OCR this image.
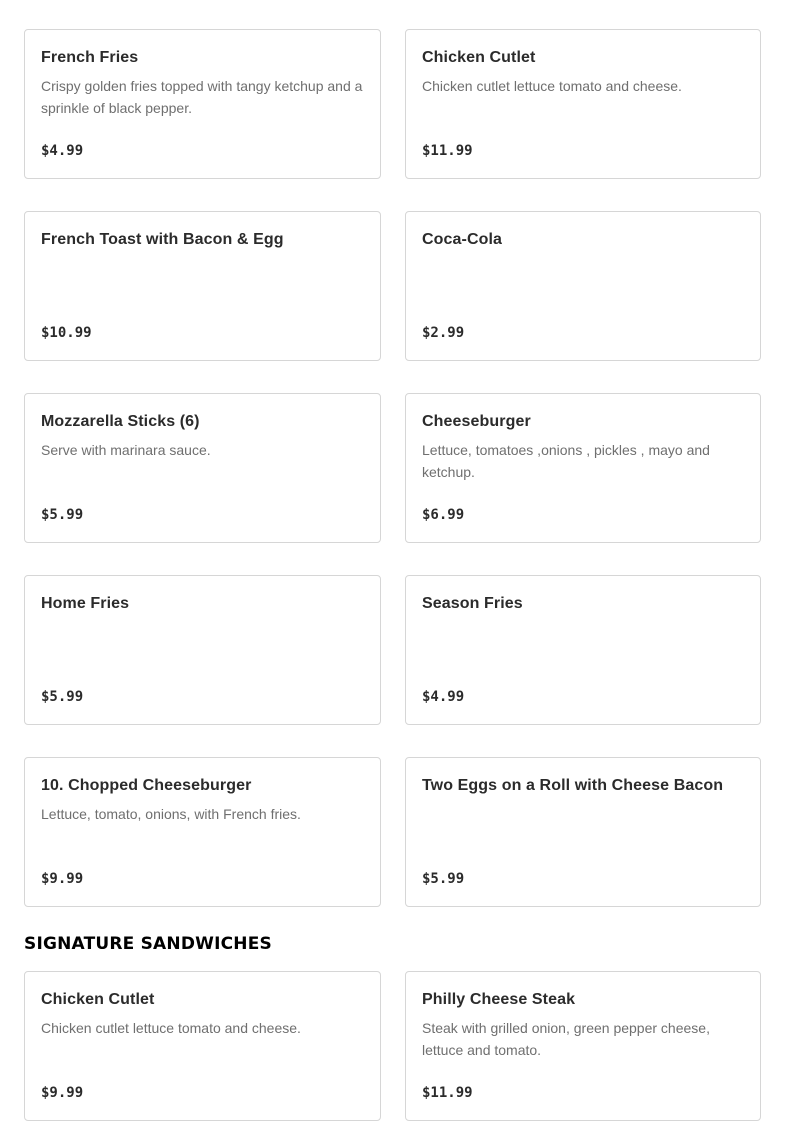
French Fries
Crispy golden fries topped with tangy ketchup and a sprinkle of black pepper.
$4.99
Chicken Cutlet
Chicken cutlet lettuce tomato and cheese.
$11.99
French Toast with Bacon & Egg
$10.99
Coca-Cola
$2.99
Mozzarella Sticks (6)
Serve with marinara sauce.
$5.99
Cheeseburger
Lettuce, tomatoes ,onions , pickles , mayo and ketchup.
$6.99
Home Fries
$5.99
Season Fries
$4.99
10. Chopped Cheeseburger
Lettuce, tomato, onions, with French fries.
$9.99
Two Eggs on a Roll with Cheese Bacon
$5.99
SIGNATURE SANDWICHES
Chicken Cutlet
Chicken cutlet lettuce tomato and cheese.
$9.99
Philly Cheese Steak
Steak with grilled onion, green pepper cheese, lettuce and tomato.
$11.99
